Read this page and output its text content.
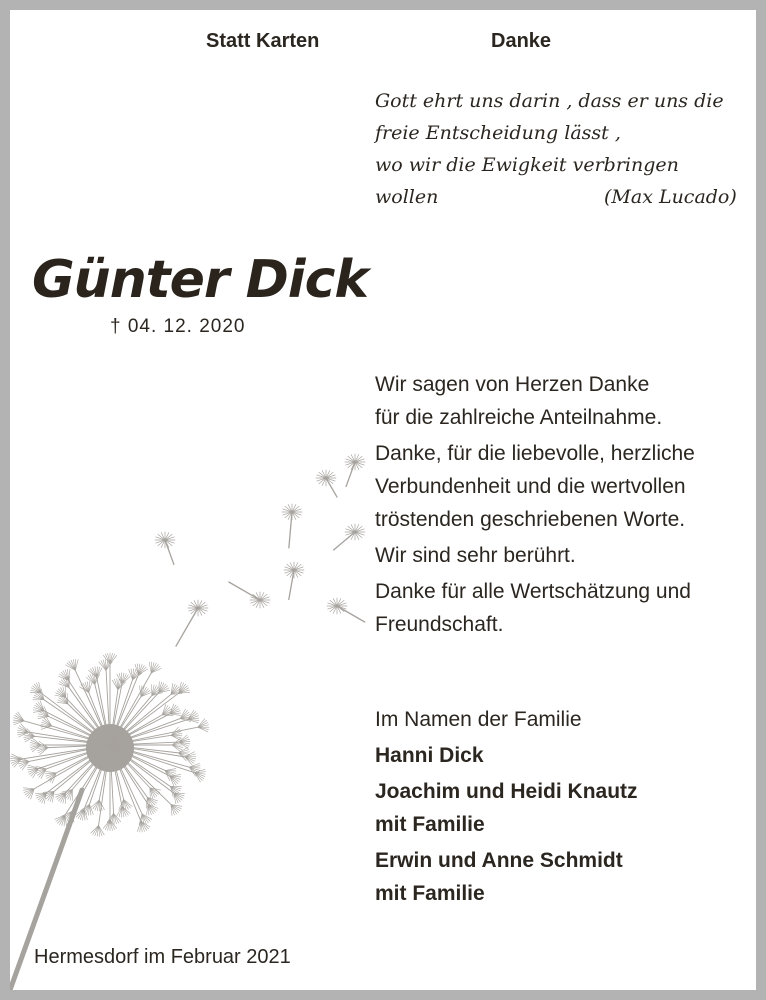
Statt Karten	Danke
Gott ehrt uns darin , dass er uns die
freie Entscheidung lässt ,
wo wir die Ewigkeit verbringen
wollen	(Max Lucado)
Günter Dick
† 04. 12. 2020
Wir sagen von Herzen Danke
für die zahlreiche Anteilnahme.
Danke, für die liebevolle, herzliche
Verbundenheit und die wertvollen
tröstenden geschriebenen Worte.
Wir sind sehr berührt.
Danke für alle Wertschätzung und
Freundschaft.
Im Namen der Familie
Hanni Dick
Joachim und Heidi Knautz
mit Familie
Erwin und Anne Schmidt
mit Familie
Hermesdorf im Februar 2021
